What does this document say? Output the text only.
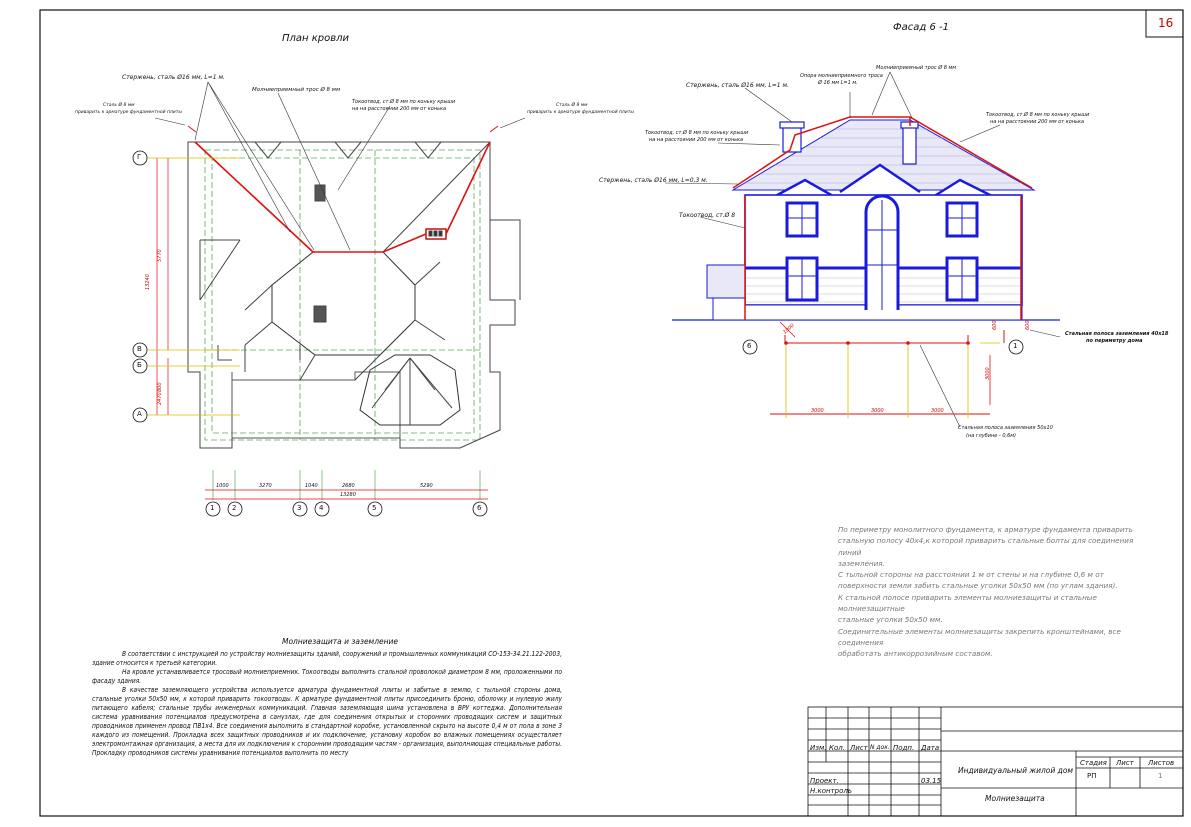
16
План кровли
Стержень, сталь Ø16 мм, L=1 м.
Молниеприемный трос Ø 8 мм
Токоотвод, ст.Ø 8 мм по конькy крыши
на на расстоянии 200 мм от конька
Сталь Ø 8 мм
приварить к арматуре фундаментной плиты
Сталь Ø 8 мм
приварить к арматуре фундаментной плиты
Г
В
Б
А
13240
5770
800
2470
1000	3270	1040	2680	5290
13280
1	2	3	4	5	6
Фасад 6 -1
Стержень, сталь Ø16 мм, L=1 м.
Опора молниеприемного троса
Ø 16 мм L=1 м.
Молниеприемный трос Ø 8 мм
Токоотвод, ст.Ø 8 мм по конькy крыши
на на расстоянии 200 мм от конька
Токоотвод, ст.Ø 8 мм по конькy крыши
на на расстоянии 200 мм от конька
Стержень, сталь Ø16 мм, L=0,3 м.
Токоотвод, ст.Ø 8
Стальная полоса заземления 40х18
по периметру дома
Стальная полоса заземления 50х10
(на глубине - 0,6м)
6	1
3000	3000	3000
3000
1000	600	600
Молниезащита и заземление

В соответствии с инструкцией по устройству молниезащиты зданий, сооружений и промышленных коммуникаций СО-153-34.21.122-2003, здание относится к третьей категории.

На кровле устанавливается тросовый молниеприемник. Токоотводы выполнить стальной проволокой диаметром 8 мм, проложенными по фасаду здания.

В качестве заземляющего устройства используется арматура фундаментной плиты и забитые в землю, с тыльной стороны дома, стальные уголки 50х50 мм, к которой приварить токоотводы. К арматуре фундаментной плиты присоединить броню, оболочку и нулевую жилу питающего кабеля; стальные трубы инженерных коммуникаций. Главная заземляющая шина установлена в ВРУ коттеджа. Дополнительная система уравнивания потенциалов предусмотрена в санузлах, где для соединения открытых и сторонних проводящих систем и защитных проводников применен провод ПВ1х4. Все соединения выполнить в стандартной коробке, установленной скрыто на высоте 0,4 м от пола в зоне 3 каждого из помещений. Прокладка всех защитных проводников и их подключение, установку коробок во влажных помещениях осуществляет электромонтажная организация, а места для их подключения к сторонним проводящим частям - организация, выполняющая специальные работы. Прокладку проводников системы уравнивания потенциалов выполнить по месту

По периметру монолитного фундамента, к арматуре фундамента приварить

стальную полосу 40х4,к которой приварить стальные болты для соединения линий

заземления.

С тыльной стороны на расстоянии 1 м от стены и на глубине 0,6 м от

поверхности земли забить стальные уголки 50х50 мм (по углам здания).

К стальной полосе приварить элементы молниезащиты и стальные молниезащитные

стальные уголки 50х50 мм.

Соединительные элементы молниезащиты закрепить кронштейнами, все соединения

обработать антикоррозийным составом.

Изм. Кол. Лист N док. Подп. Дата
Проект.
Н.контроль
03.15
Индивидуальный жилой дом
Молниезащита
Стадия Лист Листов
РП	1
